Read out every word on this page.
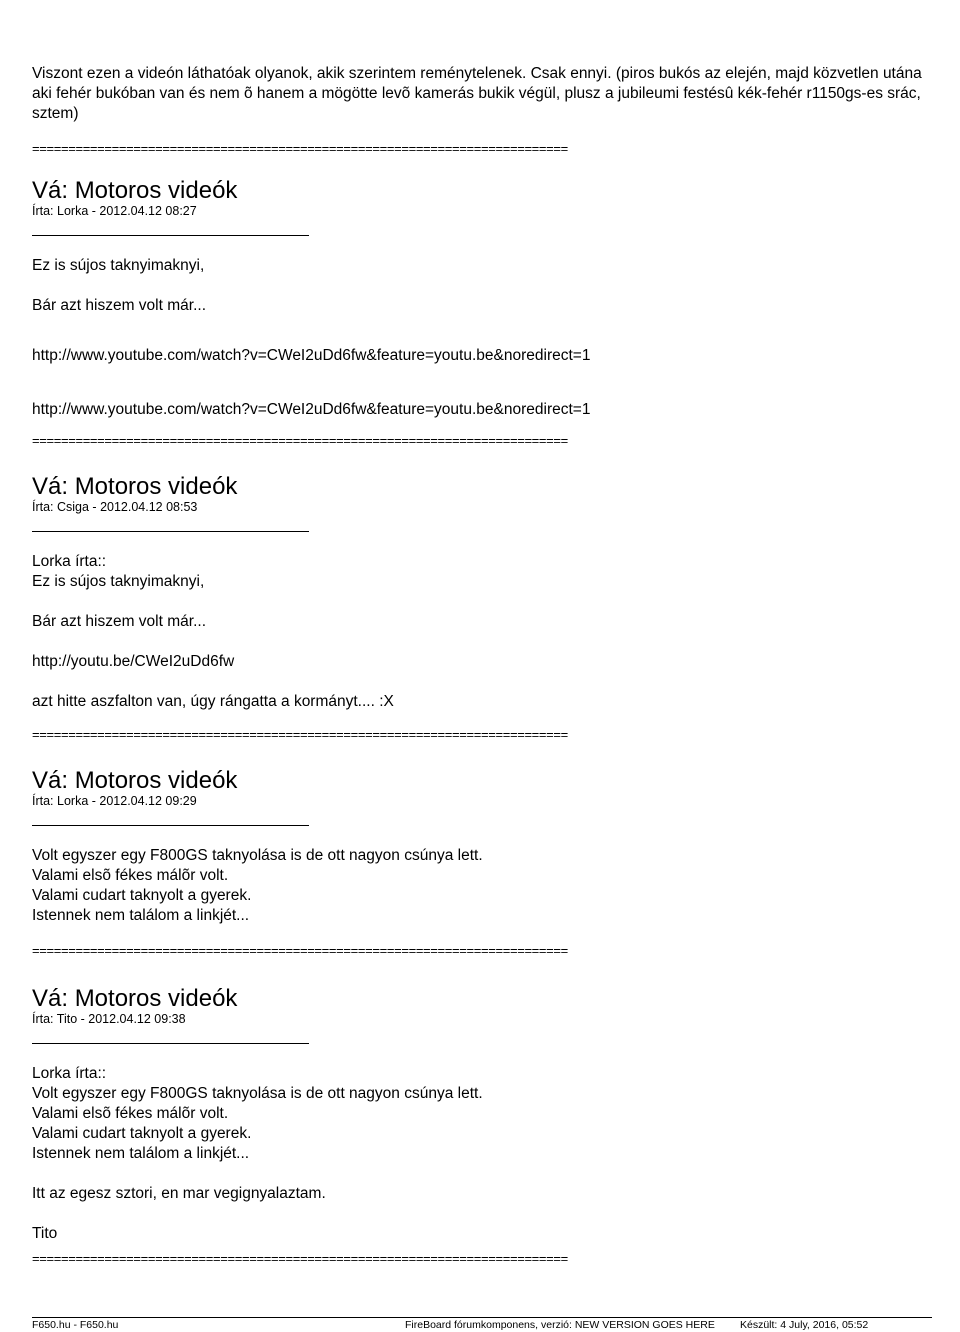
Viszont ezen a videón láthatóak olyanok, akik szerintem reménytelenek. Csak ennyi. (piros bukós az elején, majd közvetlen utána aki fehér bukóban van és nem õ hanem a mögötte levõ kamerás bukik végül, plusz a jubileumi festésû kék-fehér r1150gs-es srác, sztem)

==========================================================================

Vá: Motoros videók

Írta: Lorka - 2012.04.12 08:27

Ez is sújos taknyimaknyi,

Bár azt hiszem volt már...

http://www.youtube.com/watch?v=CWeI2uDd6fw&feature=youtu.be&noredirect=1

http://www.youtube.com/watch?v=CWeI2uDd6fw&feature=youtu.be&noredirect=1

==========================================================================

Vá: Motoros videók

Írta: Csiga - 2012.04.12 08:53

Lorka írta::

Ez is sújos taknyimaknyi,

Bár azt hiszem volt már...

http://youtu.be/CWeI2uDd6fw

azt hitte aszfalton van, úgy rángatta a kormányt.... :X

==========================================================================

Vá: Motoros videók

Írta: Lorka - 2012.04.12 09:29

Volt egyszer egy F800GS taknyolása is de ott nagyon csúnya lett.

Valami elsõ fékes málõr volt.

Valami cudart taknyolt a gyerek.

Istennek nem találom a linkjét...

==========================================================================

Vá: Motoros videók

Írta: Tito - 2012.04.12 09:38

Lorka írta::

Volt egyszer egy F800GS taknyolása is de ott nagyon csúnya lett.

Valami elsõ fékes málõr volt.

Valami cudart taknyolt a gyerek.

Istennek nem találom a linkjét...

Itt az egesz sztori, en mar vegignyalaztam.

Tito

==========================================================================

F650.hu - F650.hu	FireBoard fórumkomponens, verzió: NEW VERSION GOES HERE Készült: 4 July, 2016, 05:52
